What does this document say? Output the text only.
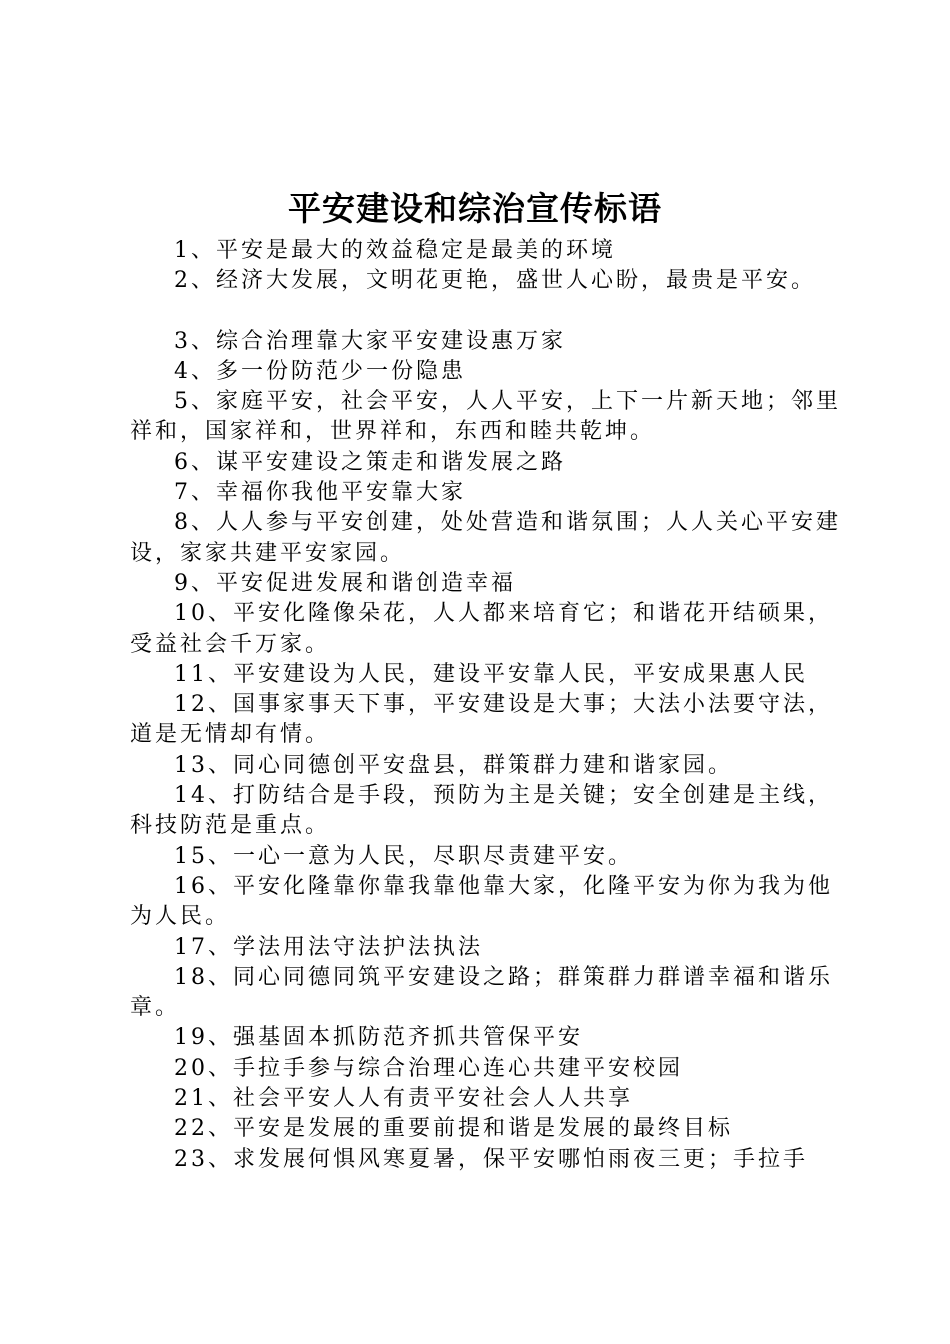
平安建设和综治宣传标语

1、平安是最大的效益稳定是最美的环境

2、经济大发展，文明花更艳，盛世人心盼，最贵是平安。

3、综合治理靠大家平安建设惠万家

4、多一份防范少一份隐患

5、家庭平安，社会平安，人人平安，上下一片新天地；邻里祥和，国家祥和，世界祥和，东西和睦共乾坤。

6、谋平安建设之策走和谐发展之路

7、幸福你我他平安靠大家

8、人人参与平安创建，处处营造和谐氛围；人人关心平安建设，家家共建平安家园。

9、平安促进发展和谐创造幸福

10、平安化隆像朵花，人人都来培育它；和谐花开结硕果，受益社会千万家。

11、平安建设为人民，建设平安靠人民，平安成果惠人民

12、国事家事天下事，平安建设是大事；大法小法要守法，道是无情却有情。

13、同心同德创平安盘县，群策群力建和谐家园。

14、打防结合是手段，预防为主是关键；安全创建是主线，科技防范是重点。

15、一心一意为人民，尽职尽责建平安。

16、平安化隆靠你靠我靠他靠大家，化隆平安为你为我为他为人民。

17、学法用法守法护法执法

18、同心同德同筑平安建设之路；群策群力群谱幸福和谐乐章。

19、强基固本抓防范齐抓共管保平安

20、手拉手参与综合治理心连心共建平安校园

21、社会平安人人有责平安社会人人共享

22、平安是发展的重要前提和谐是发展的最终目标

23、求发展何惧风寒夏暑，保平安哪怕雨夜三更；手拉手
